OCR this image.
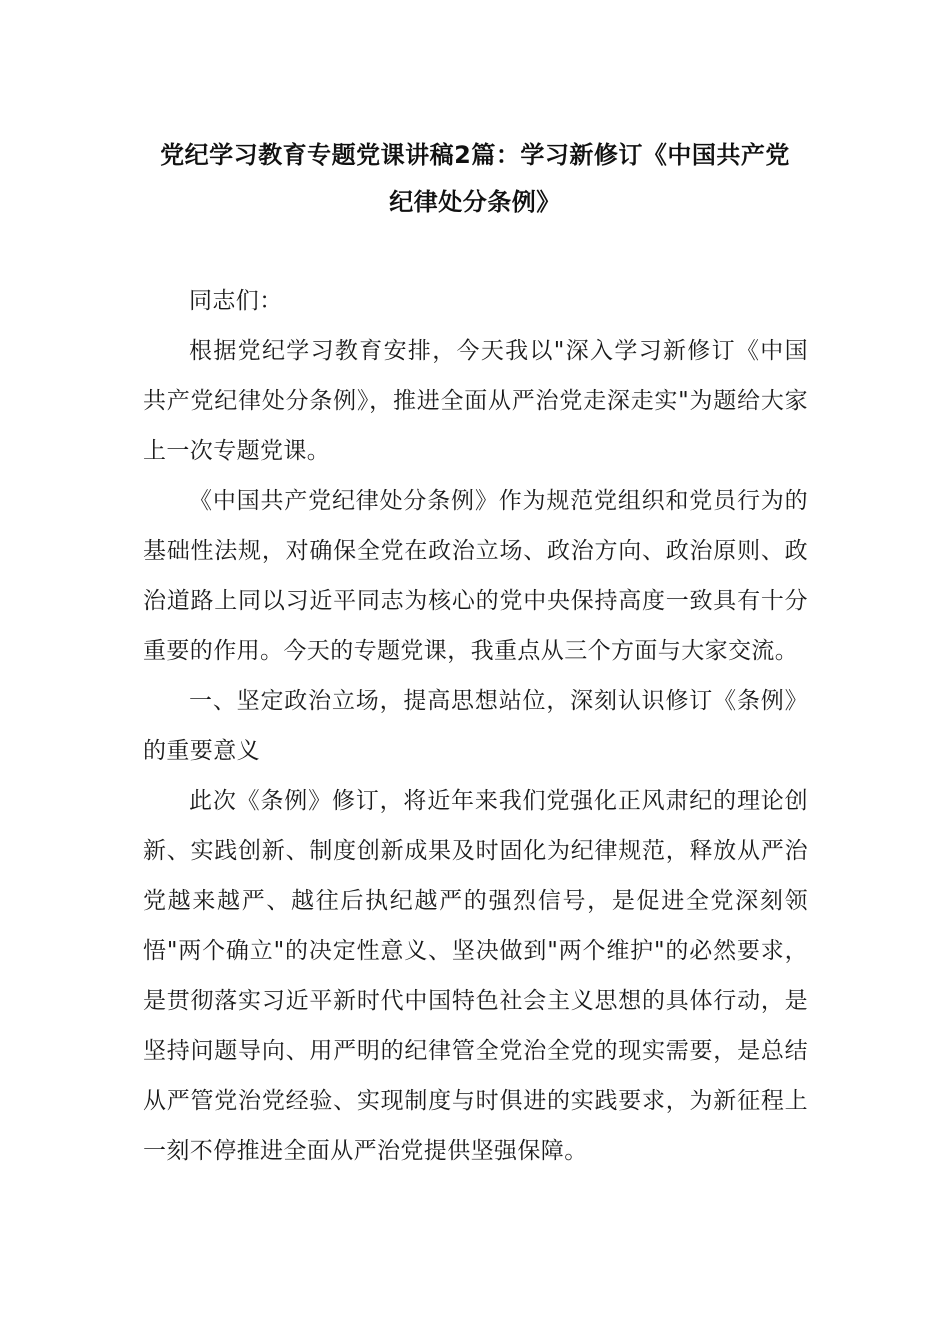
党纪学习教育专题党课讲稿2篇：学习新修订《中国共产党纪律处分条例》

同志们：

根据党纪学习教育安排，今天我以"深入学习新修订《中国共产党纪律处分条例》，推进全面从严治党走深走实"为题给大家上一次专题党课。

《中国共产党纪律处分条例》作为规范党组织和党员行为的基础性法规，对确保全党在政治立场、政治方向、政治原则、政治道路上同以习近平同志为核心的党中央保持高度一致具有十分重要的作用。今天的专题党课，我重点从三个方面与大家交流。

一、坚定政治立场，提高思想站位，深刻认识修订《条例》的重要意义

此次《条例》修订，将近年来我们党强化正风肃纪的理论创新、实践创新、制度创新成果及时固化为纪律规范，释放从严治党越来越严、越往后执纪越严的强烈信号，是促进全党深刻领悟"两个确立"的决定性意义、坚决做到"两个维护"的必然要求，是贯彻落实习近平新时代中国特色社会主义思想的具体行动，是坚持问题导向、用严明的纪律管全党治全党的现实需要，是总结从严管党治党经验、实现制度与时俱进的实践要求，为新征程上一刻不停推进全面从严治党提供坚强保障。
